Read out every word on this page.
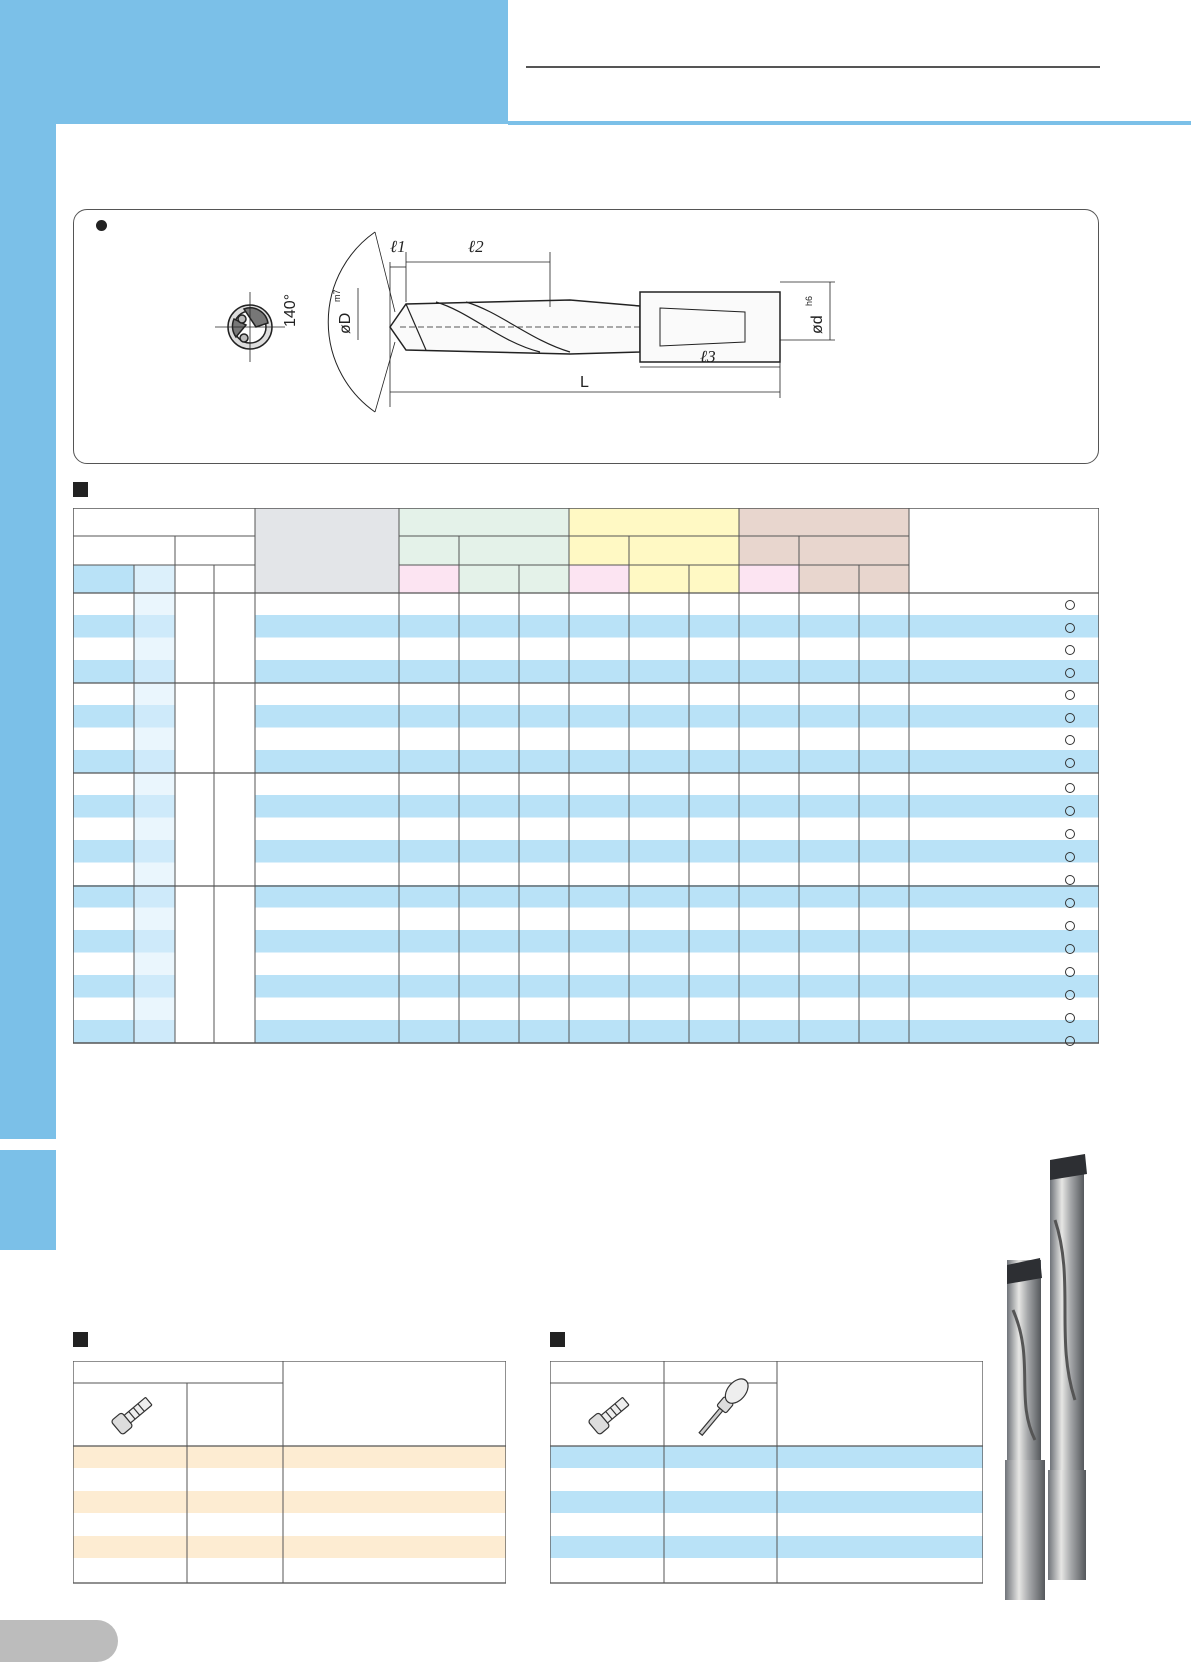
ℓ1	ℓ2
ℓ3
L
140° øD
m7
ød
h6
